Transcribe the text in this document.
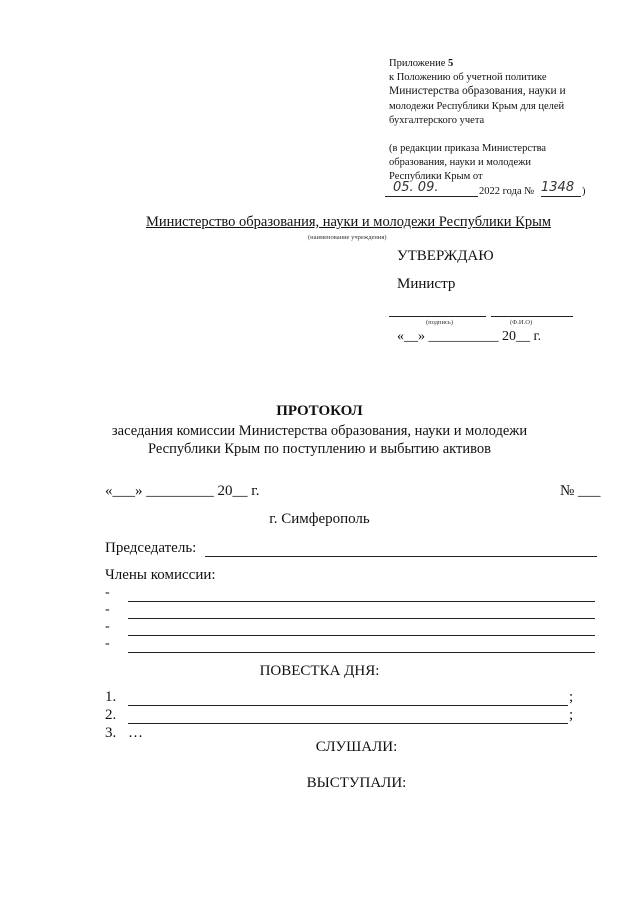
Приложение 5
к Положению об учетной политике
Министерства образования, науки и
молодежи Республики Крым для целей
бухгалтерского учета
(в редакции приказа Министерства
образования, науки и молодежи
Республики Крым от
05. 09.	2022 года № 1348 )
Министерство образования, науки и молодежи Республики Крым
(наименование учреждения)
УТВЕРЖДАЮ
Министр
(подпись)	(Ф.И.О)
«__» __________ 20__ г.
ПРОТОКОЛ
заседания комиссии Министерства образования, науки и молодежи
Республики Крым по поступлению и выбытию активов
«___» _________ 20__ г.	№ ___
г. Симферополь
Председатель:
Члены комиссии:
-
-
-
-
ПОВЕСТКА ДНЯ:
1.	;
2.	;
3. …
СЛУШАЛИ:
ВЫСТУПАЛИ:
